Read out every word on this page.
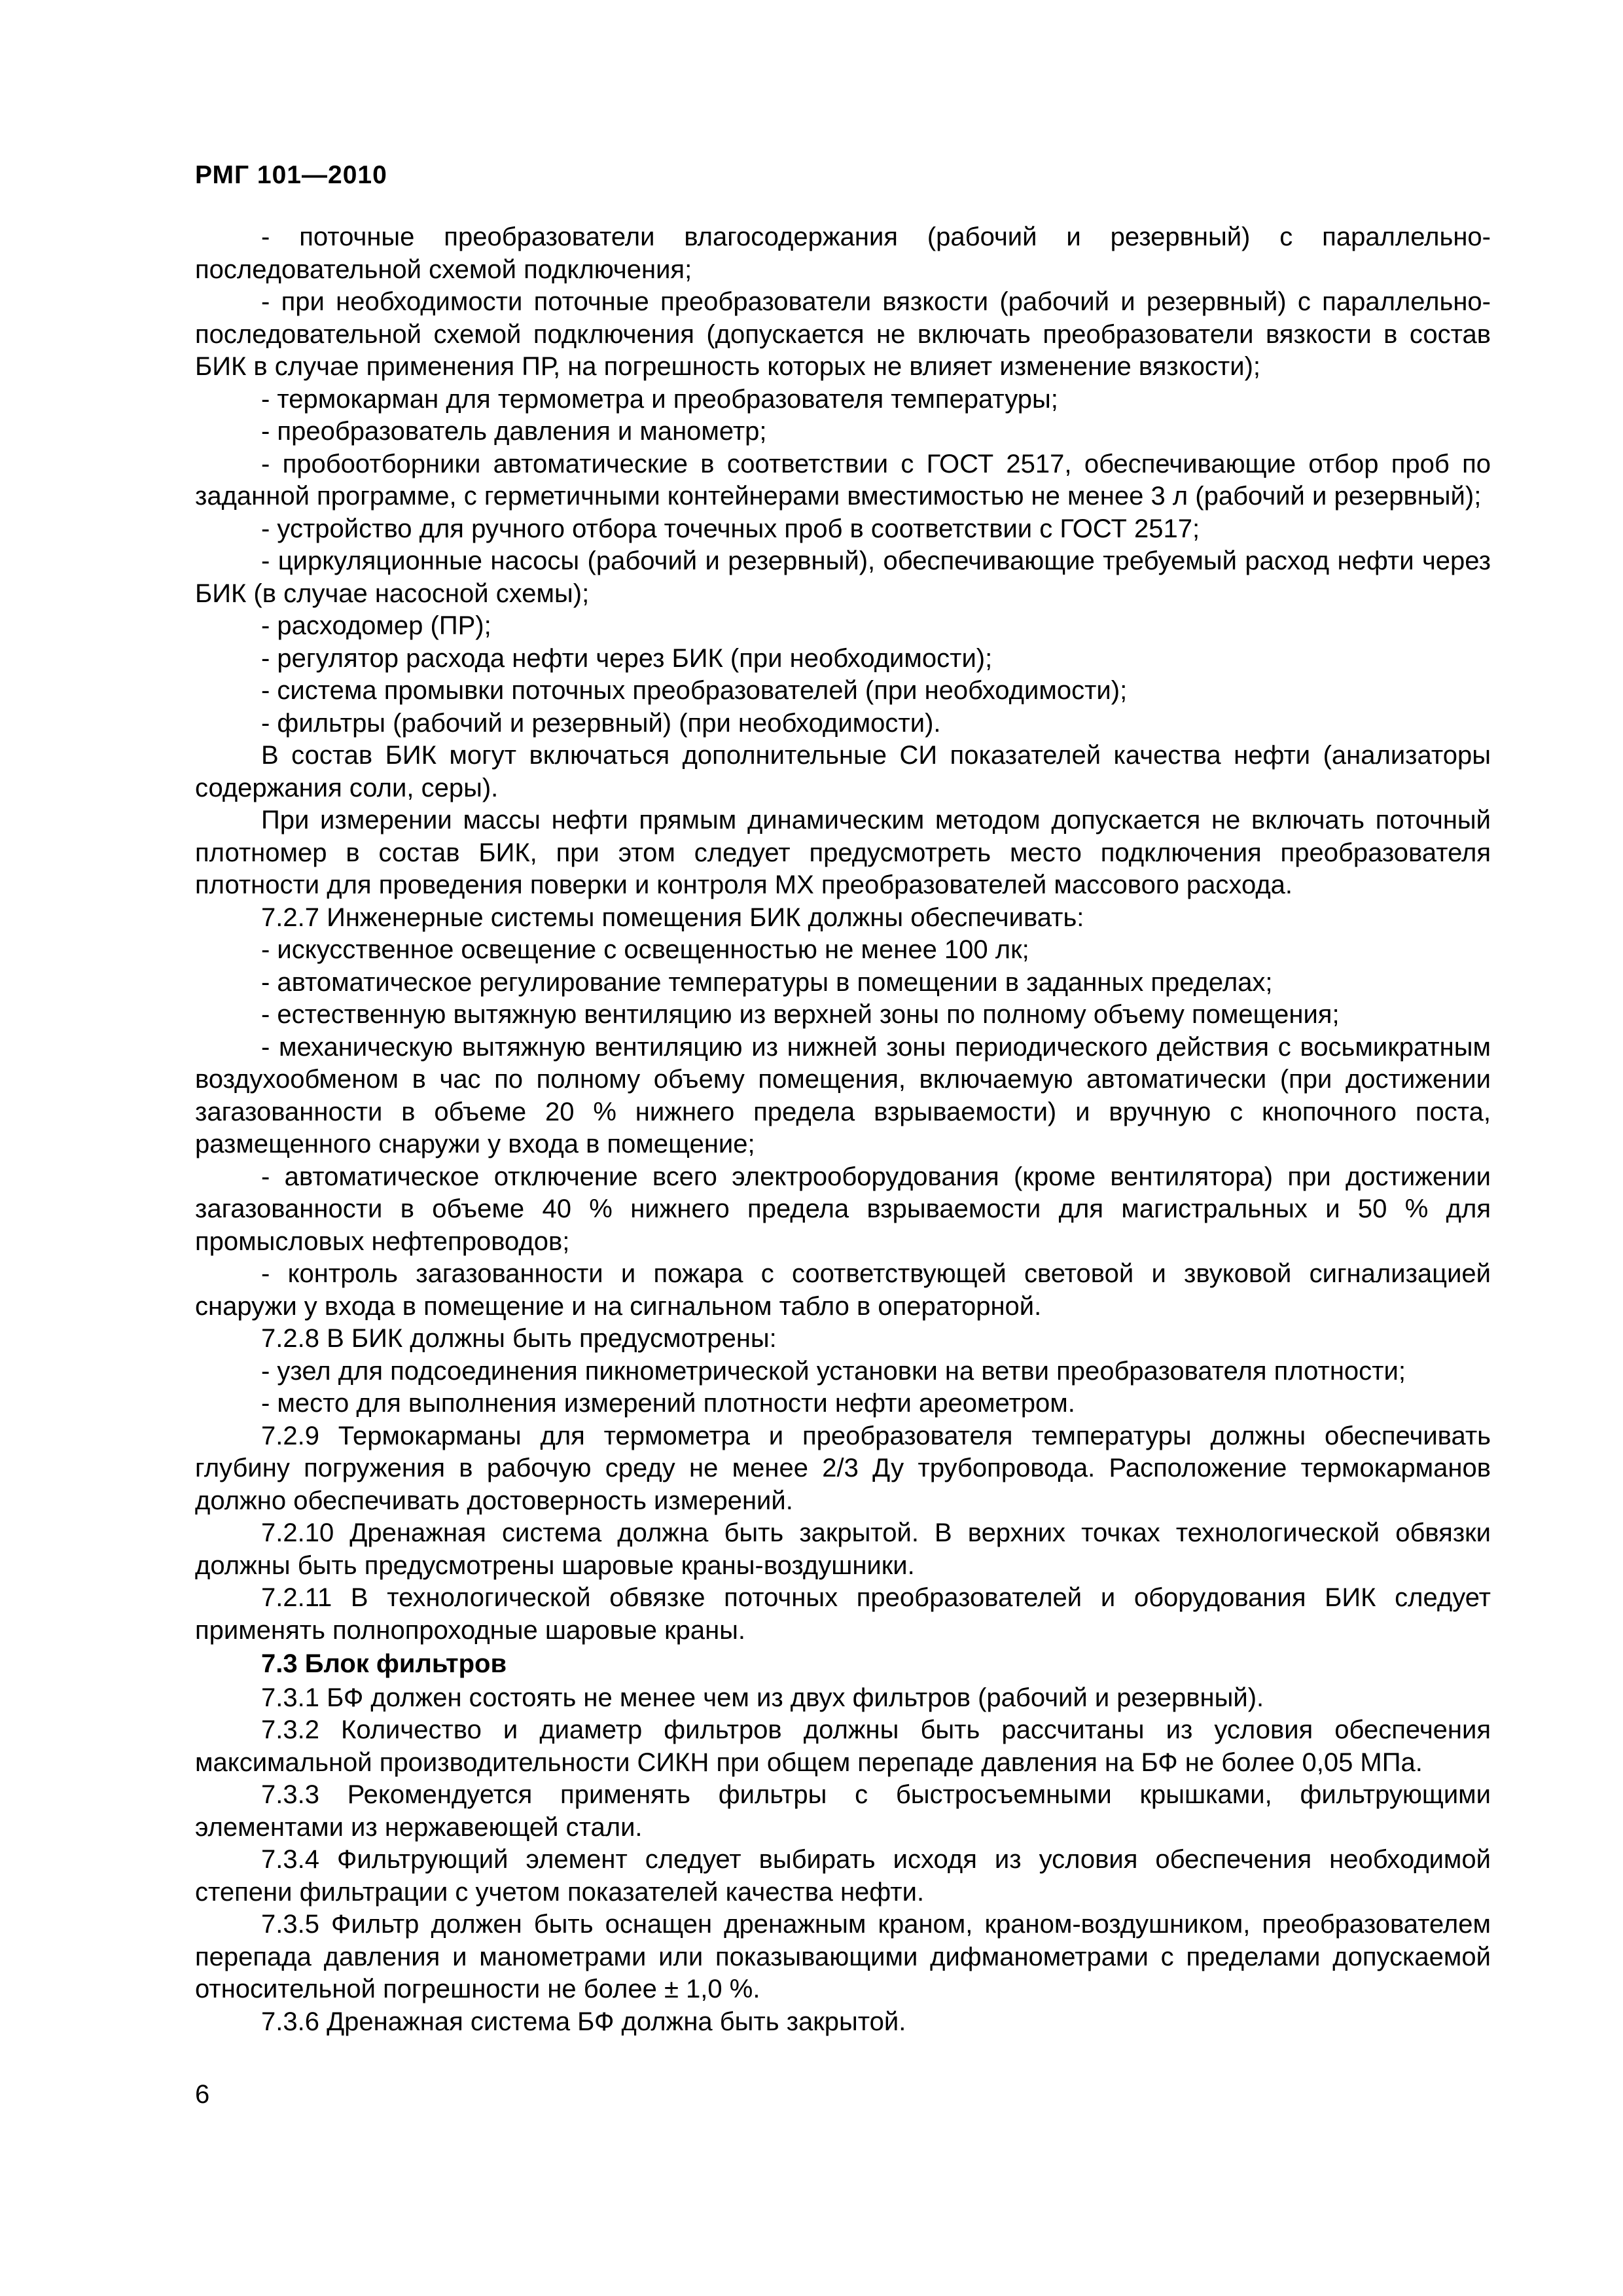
РМГ 101—2010

- поточные преобразователи влагосодержания (рабочий и резервный) с параллельно-последовательной схемой подключения;

- при необходимости поточные преобразователи вязкости (рабочий и резервный) с параллельно-последовательной схемой подключения (допускается не включать преобразователи вязкости в состав БИК в случае применения ПР, на погрешность которых не влияет изменение вязкости);

- термокарман для термометра и преобразователя температуры;

- преобразователь давления и манометр;

- пробоотборники автоматические в соответствии с ГОСТ 2517, обеспечивающие отбор проб по заданной программе, с герметичными контейнерами вместимостью не менее 3 л (рабочий и резервный);

- устройство для ручного отбора точечных проб в соответствии с ГОСТ 2517;

- циркуляционные насосы (рабочий и резервный), обеспечивающие требуемый расход нефти через БИК (в случае насосной схемы);

- расходомер (ПР);

- регулятор расхода нефти через БИК (при необходимости);

- система промывки поточных преобразователей (при необходимости);

- фильтры (рабочий и резервный) (при необходимости).

В состав БИК могут включаться дополнительные СИ показателей качества нефти (анализаторы содержания соли, серы).

При измерении массы нефти прямым динамическим методом допускается не включать поточный плотномер в состав БИК, при этом следует предусмотреть место подключения преобразователя плотности для проведения поверки и контроля МХ преобразователей массового расхода.

7.2.7 Инженерные системы помещения БИК должны обеспечивать:

- искусственное освещение с освещенностью не менее 100 лк;

- автоматическое регулирование температуры в помещении в заданных пределах;

- естественную вытяжную вентиляцию из верхней зоны по полному объему помещения;

- механическую вытяжную вентиляцию из нижней зоны периодического действия с восьмикратным воздухообменом в час по полному объему помещения, включаемую автоматически (при достижении загазованности в объеме 20 % нижнего предела взрываемости) и вручную с кнопочного поста, размещенного снаружи у входа в помещение;

- автоматическое отключение всего электрооборудования (кроме вентилятора) при достижении загазованности в объеме 40 % нижнего предела взрываемости для магистральных и 50 % для промысловых нефтепроводов;

- контроль загазованности и пожара с соответствующей световой и звуковой сигнализацией снаружи у входа в помещение и на сигнальном табло в операторной.

7.2.8 В БИК должны быть предусмотрены:

- узел для подсоединения пикнометрической установки на ветви преобразователя плотности;

- место для выполнения измерений плотности нефти ареометром.

7.2.9 Термокарманы для термометра и преобразователя температуры должны обеспечивать глубину погружения в рабочую среду не менее 2/3 Ду трубопровода. Расположение термокарманов должно обеспечивать достоверность измерений.

7.2.10 Дренажная система должна быть закрытой. В верхних точках технологической обвязки должны быть предусмотрены шаровые краны-воздушники.

7.2.11 В технологической обвязке поточных преобразователей и оборудования БИК следует применять полнопроходные шаровые краны.

7.3 Блок фильтров

7.3.1 БФ должен состоять не менее чем из двух фильтров (рабочий и резервный).

7.3.2 Количество и диаметр фильтров должны быть рассчитаны из условия обеспечения максимальной производительности СИКН при общем перепаде давления на БФ не более 0,05 МПа.

7.3.3 Рекомендуется применять фильтры с быстросъемными крышками, фильтрующими элементами из нержавеющей стали.

7.3.4 Фильтрующий элемент следует выбирать исходя из условия обеспечения необходимой степени фильтрации с учетом показателей качества нефти.

7.3.5 Фильтр должен быть оснащен дренажным краном, краном-воздушником, преобразователем перепада давления и манометрами или показывающими дифманометрами с пределами допускаемой относительной погрешности не более ± 1,0 %.

7.3.6 Дренажная система БФ должна быть закрытой.

6
